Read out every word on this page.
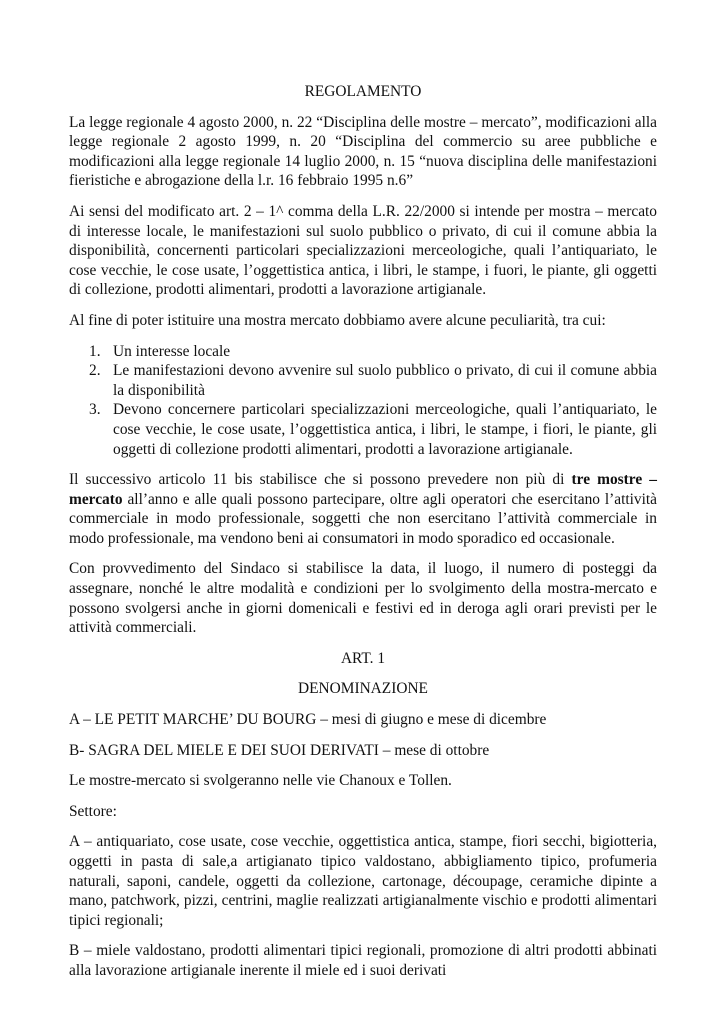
REGOLAMENTO

La legge regionale 4 agosto 2000, n. 22 “Disciplina delle mostre – mercato”, modificazioni alla legge regionale 2 agosto 1999, n. 20 “Disciplina del commercio su aree pubbliche e modificazioni alla legge regionale 14 luglio 2000, n. 15 “nuova disciplina delle manifestazioni fieristiche e abrogazione della l.r. 16 febbraio 1995 n.6”

Ai sensi del modificato art. 2 – 1^ comma della L.R. 22/2000 si intende per mostra – mercato di interesse locale, le manifestazioni sul suolo pubblico o privato, di cui il comune abbia la disponibilità, concernenti particolari specializzazioni merceologiche, quali l’antiquariato, le cose vecchie, le cose usate, l’oggettistica antica, i libri, le stampe, i fuori, le piante, gli oggetti di collezione, prodotti alimentari, prodotti a lavorazione artigianale.

Al fine di poter istituire una mostra mercato dobbiamo avere alcune peculiarità, tra cui:

1. Un interesse locale
2. Le manifestazioni devono avvenire sul suolo pubblico o privato, di cui il comune abbia la disponibilità
3. Devono concernere particolari specializzazioni merceologiche, quali l’antiquariato, le cose vecchie, le cose usate, l’oggettistica antica, i libri, le stampe, i fiori, le piante, gli oggetti di collezione prodotti alimentari, prodotti a lavorazione artigianale.

Il successivo articolo 11 bis stabilisce che si possono prevedere non più di tre mostre – mercato all’anno e alle quali possono partecipare, oltre agli operatori che esercitano l’attività commerciale in modo professionale, soggetti che non esercitano l’attività commerciale in modo professionale, ma vendono beni ai consumatori in modo sporadico ed occasionale.

Con provvedimento del Sindaco si stabilisce la data, il luogo, il numero di posteggi da assegnare, nonché le altre modalità e condizioni per lo svolgimento della mostra-mercato e possono svolgersi anche in giorni domenicali e festivi ed in deroga agli orari previsti per le attività commerciali.

ART. 1

DENOMINAZIONE

A – LE PETIT MARCHE’ DU BOURG – mesi di giugno e mese di dicembre

B- SAGRA DEL MIELE E DEI SUOI DERIVATI – mese di ottobre

Le mostre-mercato si svolgeranno nelle vie Chanoux e Tollen.

Settore:

A – antiquariato, cose usate, cose vecchie, oggettistica antica, stampe, fiori secchi, bigiotteria, oggetti in pasta di sale,a artigianato tipico valdostano, abbigliamento tipico, profumeria naturali, saponi, candele, oggetti da collezione, cartonage, découpage, ceramiche dipinte a mano, patchwork, pizzi, centrini, maglie realizzati artigianalmente vischio e prodotti alimentari tipici regionali;

B – miele valdostano, prodotti alimentari tipici regionali, promozione di altri prodotti abbinati alla lavorazione artigianale inerente il miele ed i suoi derivati
